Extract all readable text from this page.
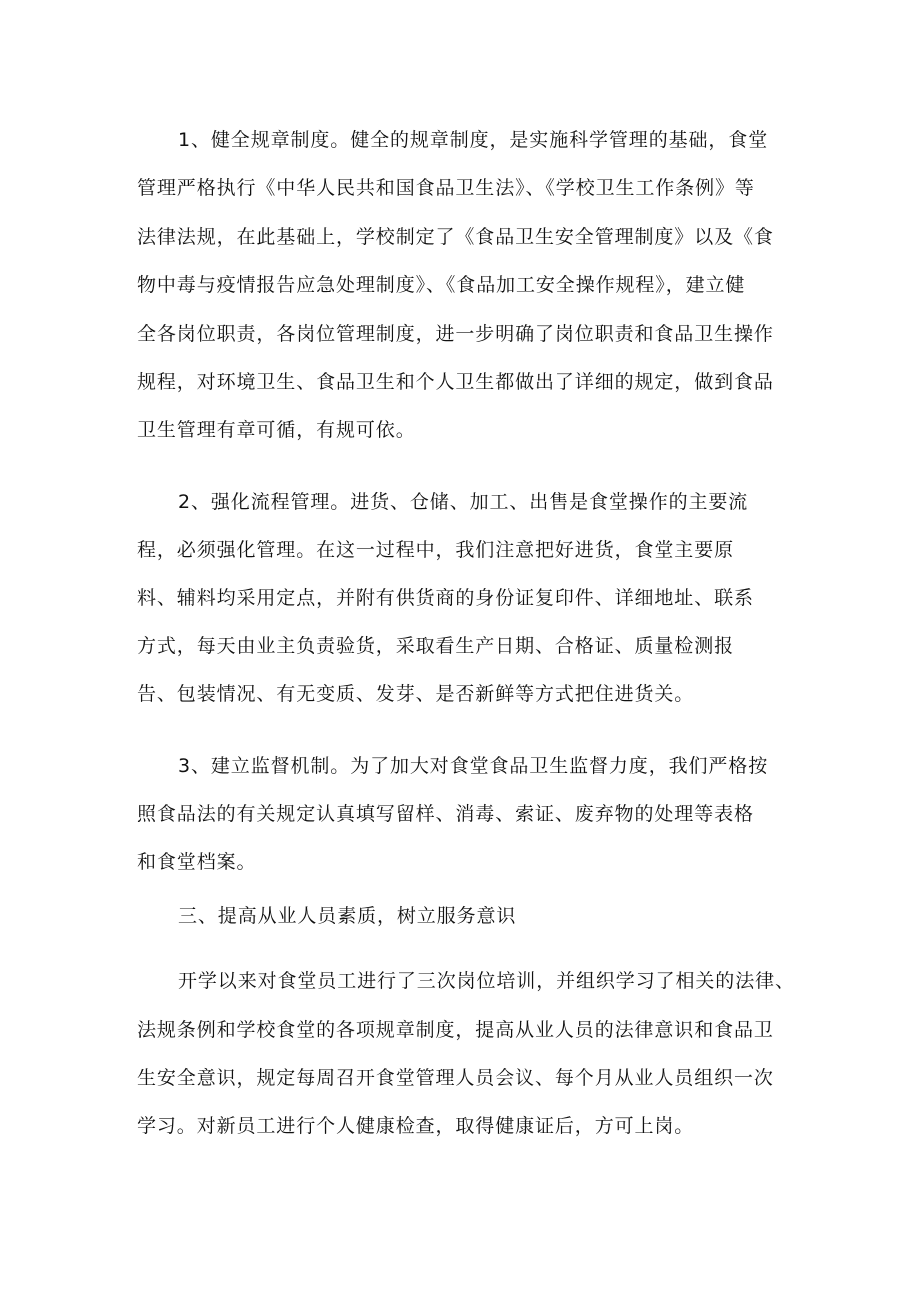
1、健全规章制度。健全的规章制度，是实施科学管理的基础，食堂
管理严格执行《中华人民共和国食品卫生法》、《学校卫生工作条例》等
法律法规，在此基础上，学校制定了《食品卫生安全管理制度》以及《食
物中毒与疫情报告应急处理制度》、《食品加工安全操作规程》，建立健
全各岗位职责，各岗位管理制度，进一步明确了岗位职责和食品卫生操作
规程，对环境卫生、食品卫生和个人卫生都做出了详细的规定，做到食品
卫生管理有章可循，有规可依。
2、强化流程管理。进货、仓储、加工、出售是食堂操作的主要流
程，必须强化管理。在这一过程中，我们注意把好进货，食堂主要原
料、辅料均采用定点，并附有供货商的身份证复印件、详细地址、联系
方式，每天由业主负责验货，采取看生产日期、合格证、质量检测报
告、包装情况、有无变质、发芽、是否新鲜等方式把住进货关。
3、建立监督机制。为了加大对食堂食品卫生监督力度，我们严格按
照食品法的有关规定认真填写留样、消毒、索证、废弃物的处理等表格
和食堂档案。
三、提高从业人员素质，树立服务意识
开学以来对食堂员工进行了三次岗位培训，并组织学习了相关的法律、
法规条例和学校食堂的各项规章制度，提高从业人员的法律意识和食品卫
生安全意识，规定每周召开食堂管理人员会议、每个月从业人员组织一次
学习。对新员工进行个人健康检查，取得健康证后，方可上岗。
